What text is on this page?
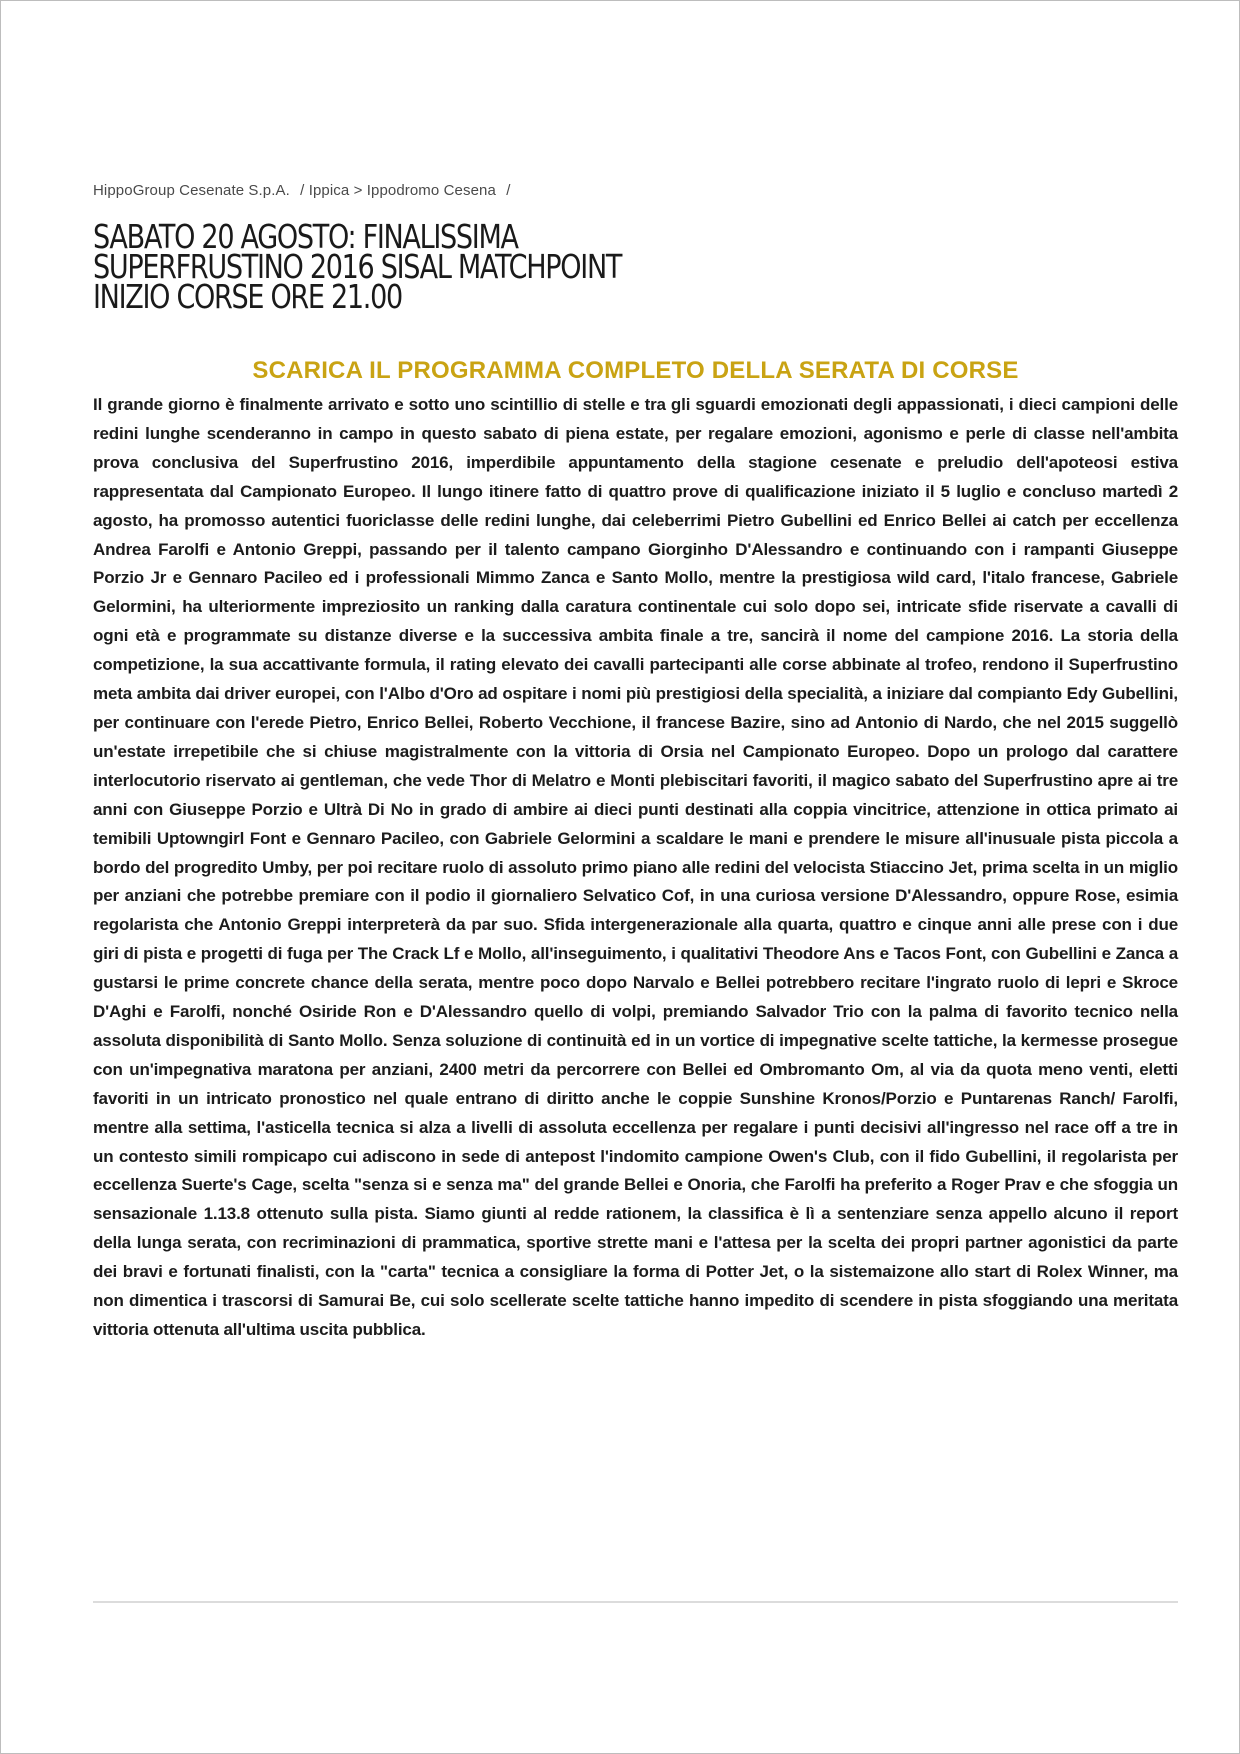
HippoGroup Cesenate S.p.A. / Ippica > Ippodromo Cesena /
SABATO 20 AGOSTO: FINALISSIMA
SUPERFRUSTINO 2016 SISAL MATCHPOINT
INIZIO CORSE ORE 21.00
SCARICA IL PROGRAMMA COMPLETO DELLA SERATA DI CORSE
Il grande giorno è finalmente arrivato e sotto uno scintillio di stelle e tra gli sguardi emozionati degli appassionati, i dieci campioni delle redini lunghe scenderanno in campo in questo sabato di piena estate, per regalare emozioni, agonismo e perle di classe nell'ambita prova conclusiva del Superfrustino 2016, imperdibile appuntamento della stagione cesenate e preludio dell'apoteosi estiva rappresentata dal Campionato Europeo. Il lungo itinere fatto di quattro prove di qualificazione iniziato il 5 luglio e concluso martedì 2 agosto, ha promosso autentici fuoriclasse delle redini lunghe, dai celeberrimi Pietro Gubellini ed Enrico Bellei ai catch per eccellenza Andrea Farolfi e Antonio Greppi, passando per il talento campano Giorginho D'Alessandro e continuando con i rampanti Giuseppe Porzio Jr e Gennaro Pacileo ed i professionali Mimmo Zanca e Santo Mollo, mentre la prestigiosa wild card, l'italo francese, Gabriele Gelormini, ha ulteriormente impreziosito un ranking dalla caratura continentale cui solo dopo sei, intricate sfide riservate a cavalli di ogni età e programmate su distanze diverse e la successiva ambita finale a tre, sancirà il nome del campione 2016. La storia della competizione, la sua accattivante formula, il rating elevato dei cavalli partecipanti alle corse abbinate al trofeo, rendono il Superfrustino meta ambita dai driver europei, con l'Albo d'Oro ad ospitare i nomi più prestigiosi della specialità, a iniziare dal compianto Edy Gubellini, per continuare con l'erede Pietro, Enrico Bellei, Roberto Vecchione, il francese Bazire, sino ad Antonio di Nardo, che nel 2015 suggellò un'estate irrepetibile che si chiuse magistralmente con la vittoria di Orsia nel Campionato Europeo. Dopo un prologo dal carattere interlocutorio riservato ai gentleman, che vede Thor di Melatro e Monti plebiscitari favoriti, il magico sabato del Superfrustino apre ai tre anni con Giuseppe Porzio e Ultrà Di No in grado di ambire ai dieci punti destinati alla coppia vincitrice, attenzione in ottica primato ai temibili Uptowngirl Font e Gennaro Pacileo, con Gabriele Gelormini a scaldare le mani e prendere le misure all'inusuale pista piccola a bordo del progredito Umby, per poi recitare ruolo di assoluto primo piano alle redini del velocista Stiaccino Jet, prima scelta in un miglio per anziani che potrebbe premiare con il podio il giornaliero Selvatico Cof, in una curiosa versione D'Alessandro, oppure Rose, esimia regolarista che Antonio Greppi interpreterà da par suo. Sfida intergenerazionale alla quarta, quattro e cinque anni alle prese con i due giri di pista e progetti di fuga per The Crack Lf e Mollo, all'inseguimento, i qualitativi Theodore Ans e Tacos Font, con Gubellini e Zanca a gustarsi le prime concrete chance della serata, mentre poco dopo Narvalo e Bellei potrebbero recitare l'ingrato ruolo di lepri e Skroce D'Aghi e Farolfi, nonché Osiride Ron e D'Alessandro quello di volpi, premiando Salvador Trio con la palma di favorito tecnico nella assoluta disponibilità di Santo Mollo. Senza soluzione di continuità ed in un vortice di impegnative scelte tattiche, la kermesse prosegue con un'impegnativa maratona per anziani, 2400 metri da percorrere con Bellei ed Ombromanto Om, al via da quota meno venti, eletti favoriti in un intricato pronostico nel quale entrano di diritto anche le coppie Sunshine Kronos/Porzio e Puntarenas Ranch/ Farolfi, mentre alla settima, l'asticella tecnica si alza a livelli di assoluta eccellenza per regalare i punti decisivi all'ingresso nel race off a tre in un contesto simili rompicapo cui adiscono in sede di antepost l'indomito campione Owen's Club, con il fido Gubellini, il regolarista per eccellenza Suerte's Cage, scelta "senza si e senza ma" del grande Bellei e Onoria, che Farolfi ha preferito a Roger Prav e che sfoggia un sensazionale 1.13.8 ottenuto sulla pista. Siamo giunti al redde rationem, la classifica è lì a sentenziare senza appello alcuno il report della lunga serata, con recriminazioni di prammatica, sportive strette mani e l'attesa per la scelta dei propri partner agonistici da parte dei bravi e fortunati finalisti, con la "carta" tecnica a consigliare la forma di Potter Jet, o la sistemaizone allo start di Rolex Winner, ma non dimentica i trascorsi di Samurai Be, cui solo scellerate scelte tattiche hanno impedito di scendere in pista sfoggiando una meritata vittoria ottenuta all'ultima uscita pubblica.
